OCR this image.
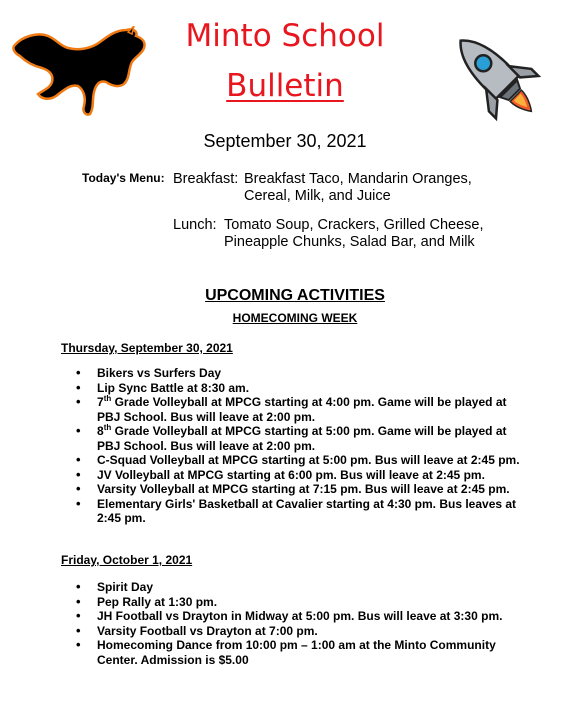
Minto School
Bulletin
September 30, 2021
Today's Menu: Breakfast: Breakfast Taco, Mandarin Oranges,
Cereal, Milk, and Juice
Lunch: Tomato Soup, Crackers, Grilled Cheese,
Pineapple Chunks, Salad Bar, and Milk
UPCOMING ACTIVITIES
HOMECOMING WEEK
Thursday, September 30, 2021
• Bikers vs Surfers Day
• Lip Sync Battle at 8:30 am.
• 7th Grade Volleyball at MPCG starting at 4:00 pm. Game will be played at PBJ School. Bus will leave at 2:00 pm.
• 8th Grade Volleyball at MPCG starting at 5:00 pm. Game will be played at PBJ School. Bus will leave at 2:00 pm.
• C-Squad Volleyball at MPCG starting at 5:00 pm. Bus will leave at 2:45 pm.
• JV Volleyball at MPCG starting at 6:00 pm. Bus will leave at 2:45 pm.
• Varsity Volleyball at MPCG starting at 7:15 pm. Bus will leave at 2:45 pm.
• Elementary Girls' Basketball at Cavalier starting at 4:30 pm. Bus leaves at 2:45 pm.
Friday, October 1, 2021
• Spirit Day
• Pep Rally at 1:30 pm.
• JH Football vs Drayton in Midway at 5:00 pm. Bus will leave at 3:30 pm.
• Varsity Football vs Drayton at 7:00 pm.
• Homecoming Dance from 10:00 pm – 1:00 am at the Minto Community Center. Admission is $5.00
